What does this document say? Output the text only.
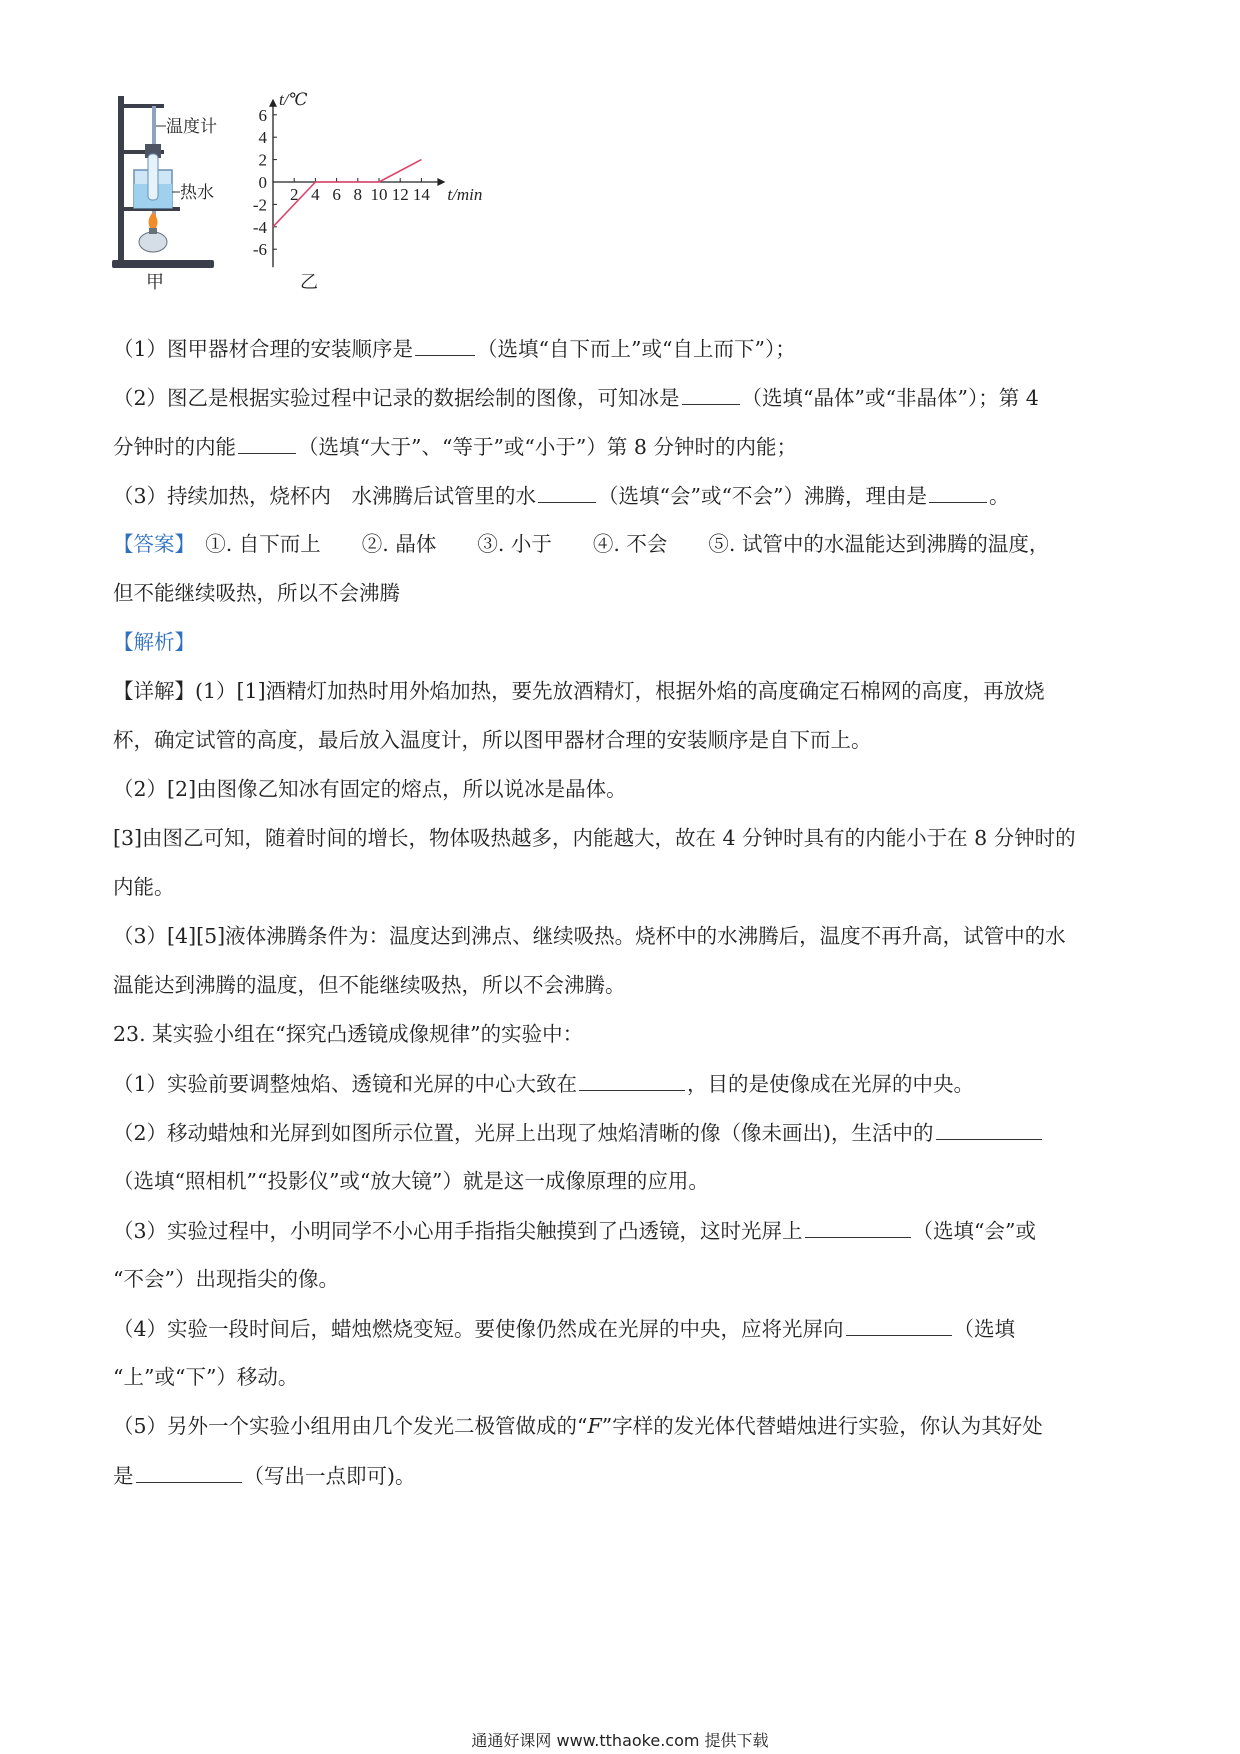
温度计
热水
甲
6
4
2
0
-2
-4
-6
2 4 6 8 10 12 14
t/℃
t/min
乙
（1）图甲器材合理的安装顺序是	（选填“自下而上”或“自上而下”）；
（2）图乙是根据实验过程中记录的数据绘制的图像，可知冰是	（选填“晶体”或“非晶体”）；第 4
分钟时的内能	（选填“大于”、“等于”或“小于”）第 8 分钟时的内能；
（3）持续加热，烧杯内　水沸腾后试管里的水	（选填“会”或“不会”）沸腾，理由是	。
【答案】　 ①. 自下而上　　②. 晶体　　③. 小于　　④. 不会　　⑤. 试管中的水温能达到沸腾的温度，
但不能继续吸热，所以不会沸腾
【解析】
【详解】(1）[1]酒精灯加热时用外焰加热，要先放酒精灯，根据外焰的高度确定石棉网的高度，再放烧
杯，确定试管的高度，最后放入温度计，所以图甲器材合理的安装顺序是自下而上。
（2）[2]由图像乙知冰有固定的熔点，所以说冰是晶体。
[3]由图乙可知，随着时间的增长，物体吸热越多，内能越大，故在 4 分钟时具有的内能小于在 8 分钟时的
内能。
（3）[4][5]液体沸腾条件为：温度达到沸点、继续吸热。烧杯中的水沸腾后，温度不再升高，试管中的水
温能达到沸腾的温度，但不能继续吸热，所以不会沸腾。
23. 某实验小组在“探究凸透镜成像规律”的实验中：
（1）实验前要调整烛焰、透镜和光屏的中心大致在	，目的是使像成在光屏的中央。
（2）移动蜡烛和光屏到如图所示位置，光屏上出现了烛焰清晰的像（像未画出)，生活中的
（选填“照相机”“投影仪”或“放大镜”）就是这一成像原理的应用。
（3）实验过程中，小明同学不小心用手指指尖触摸到了凸透镜，这时光屏上	（选填“会”或
“不会”）出现指尖的像。
（4）实验一段时间后，蜡烛燃烧变短。要使像仍然成在光屏的中央，应将光屏向	（选填
“上”或“下”）移动。
（5）另外一个实验小组用由几个发光二极管做成的“F”字样的发光体代替蜡烛进行实验，你认为其好处
是	（写出一点即可)。
通通好课网 www.tthaoke.com 提供下载
